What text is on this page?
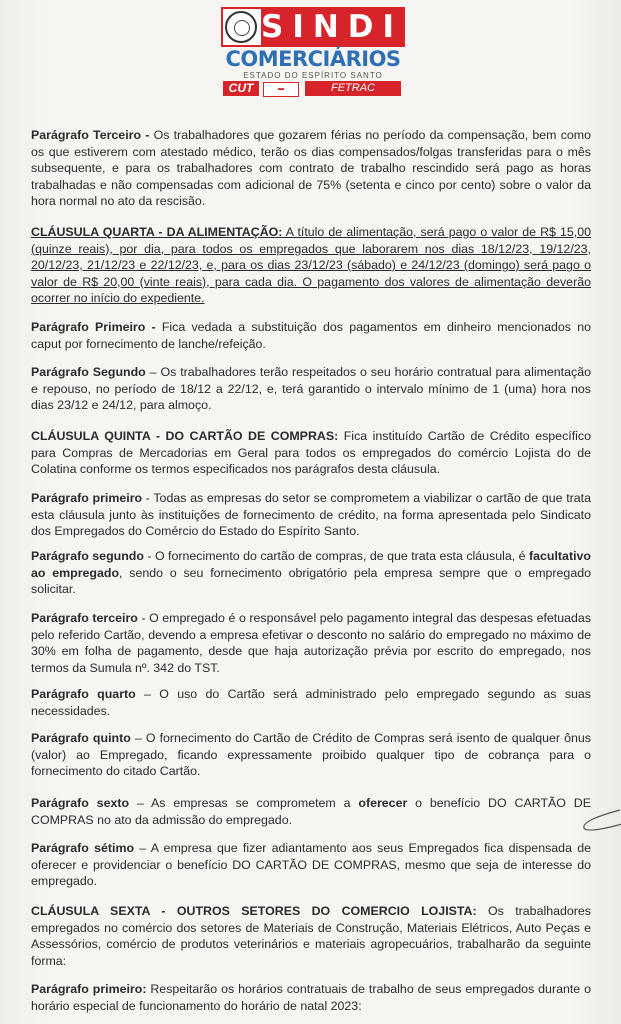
SINDI
COMERCIÁRIOS
ESTADO DO ESPÍRITO SANTO
CUT	▬	FETRAC
Parágrafo Terceiro - Os trabalhadores que gozarem férias no período da compensação, bem como os que estiverem com atestado médico, terão os dias compensados/folgas transferidas para o mês subsequente, e para os trabalhadores com contrato de trabalho rescindido será pago as horas trabalhadas e não compensadas com adicional de 75% (setenta e cinco por cento) sobre o valor da hora normal no ato da rescisão.
CLÁUSULA QUARTA - DA ALIMENTAÇÃO: A título de alimentação, será pago o valor de R$ 15,00 (quinze reais), por dia, para todos os empregados que laborarem nos dias 18/12/23, 19/12/23, 20/12/23, 21/12/23 e 22/12/23, e, para os dias 23/12/23 (sábado) e 24/12/23 (domingo) será pago o valor de R$ 20,00 (vinte reais), para cada dia. O pagamento dos valores de alimentação deverão ocorrer no início do expediente.
Parágrafo Primeiro - Fica vedada a substituição dos pagamentos em dinheiro mencionados no caput por fornecimento de lanche/refeição.
Parágrafo Segundo – Os trabalhadores terão respeitados o seu horário contratual para alimentação e repouso, no período de 18/12 a 22/12, e, terá garantido o intervalo mínimo de 1 (uma) hora nos dias 23/12 e 24/12, para almoço.
CLÁUSULA QUINTA - DO CARTÃO DE COMPRAS: Fica instituído Cartão de Crédito específico para Compras de Mercadorias em Geral para todos os empregados do comércio Lojista do de Colatina conforme os termos especificados nos parágrafos desta cláusula.
Parágrafo primeiro - Todas as empresas do setor se comprometem a viabilizar o cartão de que trata esta cláusula junto às instituições de fornecimento de crédito, na forma apresentada pelo Sindicato dos Empregados do Comércio do Estado do Espírito Santo.
Parágrafo segundo - O fornecimento do cartão de compras, de que trata esta cláusula, é facultativo ao empregado, sendo o seu fornecimento obrigatório pela empresa sempre que o empregado solicitar.
Parágrafo terceiro - O empregado é o responsável pelo pagamento integral das despesas efetuadas pelo referido Cartão, devendo a empresa efetivar o desconto no salário do empregado no máximo de 30% em folha de pagamento, desde que haja autorização prévia por escrito do empregado, nos termos da Sumula nº. 342 do TST.
Parágrafo quarto – O uso do Cartão será administrado pelo empregado segundo as suas necessidades.
Parágrafo quinto – O fornecimento do Cartão de Crédito de Compras será isento de qualquer ônus (valor) ao Empregado, ficando expressamente proibido qualquer tipo de cobrança para o fornecimento do citado Cartão.
Parágrafo sexto – As empresas se comprometem a oferecer o benefício DO CARTÃO DE COMPRAS no ato da admissão do empregado.
Parágrafo sétimo – A empresa que fizer adiantamento aos seus Empregados fica dispensada de oferecer e providenciar o benefício DO CARTÃO DE COMPRAS, mesmo que seja de interesse do empregado.
CLÁUSULA SEXTA - OUTROS SETORES DO COMERCIO LOJISTA: Os trabalhadores empregados no comércio dos setores de Materiais de Construção, Materiais Elétricos, Auto Peças e Assessórios, comércio de produtos veterinários e materiais agropecuários, trabalharão da seguinte forma:
Parágrafo primeiro: Respeitarão os horários contratuais de trabalho de seus empregados durante o horário especial de funcionamento do horário de natal 2023:
